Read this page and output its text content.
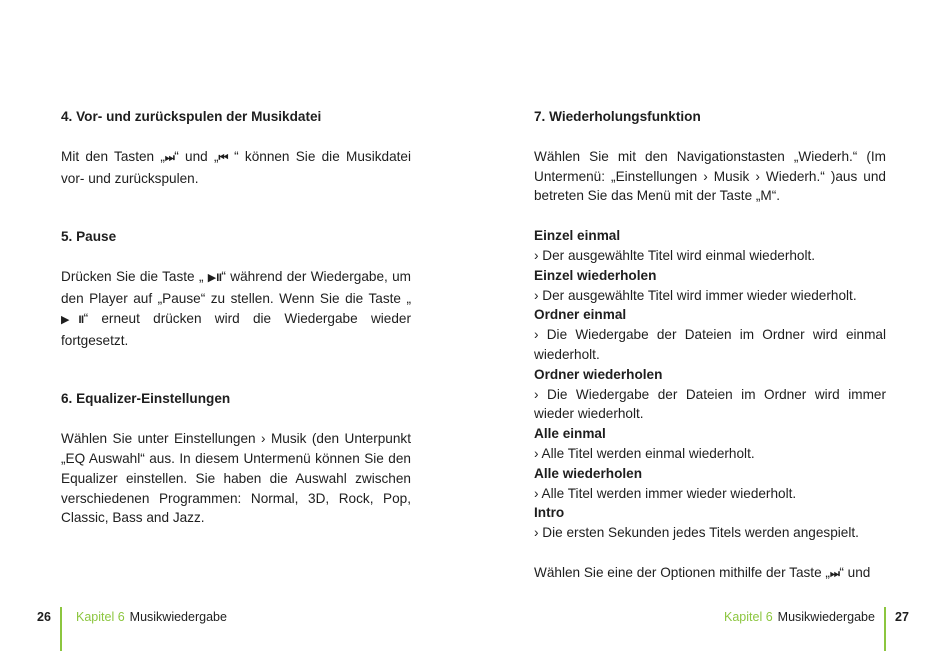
4. Vor- und zurückspulen der Musikdatei

Mit den Tasten „⏭“ und „⏮ “ können Sie die Musikdatei vor- und zurückspulen.

5. Pause

Drücken Sie die Taste „ ▶II“ während der Wiedergabe, um den Player auf „Pause“ zu stellen. Wenn Sie die Taste „ ▶II“ erneut drücken wird die Wiedergabe wieder fortgesetzt.

6. Equalizer-Einstellungen

Wählen Sie unter Einstellungen › Musik (den Unterpunkt „EQ Auswahl“ aus. In diesem Untermenü können Sie den Equalizer einstellen. Sie haben die Auswahl zwischen verschiedenen Programmen: Normal, 3D, Rock, Pop, Classic, Bass and Jazz.

7. Wiederholungsfunktion

Wählen Sie mit den Navigationstasten „Wiederh.“ (Im Untermenü: „Einstellungen › Musik › Wiederh.“ )aus und betreten Sie das Menü mit der Taste „M“.

Einzel einmal

› Der ausgewählte Titel wird einmal wiederholt.

Einzel wiederholen

› Der ausgewählte Titel wird immer wieder wiederholt.

Ordner einmal

› Die Wiedergabe der Dateien im Ordner wird einmal wiederholt.

Ordner wiederholen

› Die Wiedergabe der Dateien im Ordner wird immer wieder wiederholt.

Alle einmal

› Alle Titel werden einmal wiederholt.

Alle wiederholen

› Alle Titel werden immer wieder wiederholt.

Intro

› Die ersten Sekunden jedes Titels werden angespielt.

Wählen Sie eine der Optionen mithilfe der Taste „⏭“ und

26 Kapitel 6 Musikwiedergabe	Kapitel 6 Musikwiedergabe 27
